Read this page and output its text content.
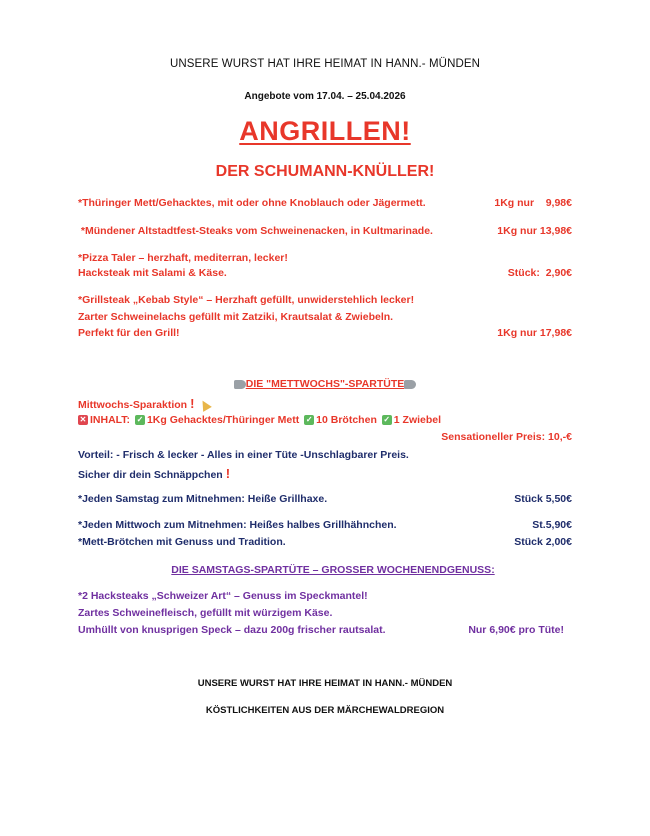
UNSERE WURST HAT IHRE HEIMAT IN HANN.- MÜNDEN
Angebote vom 17.04. – 25.04.2026
ANGRILLEN!
DER SCHUMANN-KNÜLLER!
*Thüringer Mett/Gehacktes, mit oder ohne Knoblauch oder Jägermett.	1Kg nur    9,98€
*Mündener Altstadtfest-Steaks vom Schweinenacken, in Kultmarinade.	1Kg nur 13,98€
*Pizza Taler – herzhaft, mediterran, lecker!
Hacksteak mit Salami & Käse.	Stück:  2,90€
*Grillsteak „Kebab Style“ – Herzhaft gefüllt, unwiderstehlich lecker!
Zarter Schweinelachs gefüllt mit Zatziki, Krautsalat & Zwiebeln.
Perfekt für den Grill!	1Kg nur 17,98€
DIE "METTWOCHS"-SPARTÜTE
Mittwochs-Sparaktion !
✕ INHALT: ✓ 1Kg Gehacktes/Thüringer Mett ✓ 10 Brötchen ✓ 1 Zwiebel
Sensationeller Preis: 10,-€
Vorteil: - Frisch & lecker - Alles in einer Tüte -Unschlagbarer Preis.
Sicher dir dein Schnäppchen !
*Jeden Samstag zum Mitnehmen: Heiße Grillhaxe.	Stück 5,50€
*Jeden Mittwoch zum Mitnehmen: Heißes halbes Grillhähnchen.	St.5,90€
*Mett-Brötchen mit Genuss und Tradition.	Stück 2,00€
DIE SAMSTAGS-SPARTÜTE – GROSSER WOCHENENDGENUSS:
*2 Hacksteaks „Schweizer Art“ – Genuss im Speckmantel!
Zartes Schweinefleisch, gefüllt mit würzigem Käse.
Umhüllt von knusprigen Speck – dazu 200g frischer rautsalat.	Nur 6,90€ pro Tüte!
UNSERE WURST HAT IHRE HEIMAT IN HANN.- MÜNDEN
KÖSTLICHKEITEN AUS DER MÄRCHEWALDREGION
